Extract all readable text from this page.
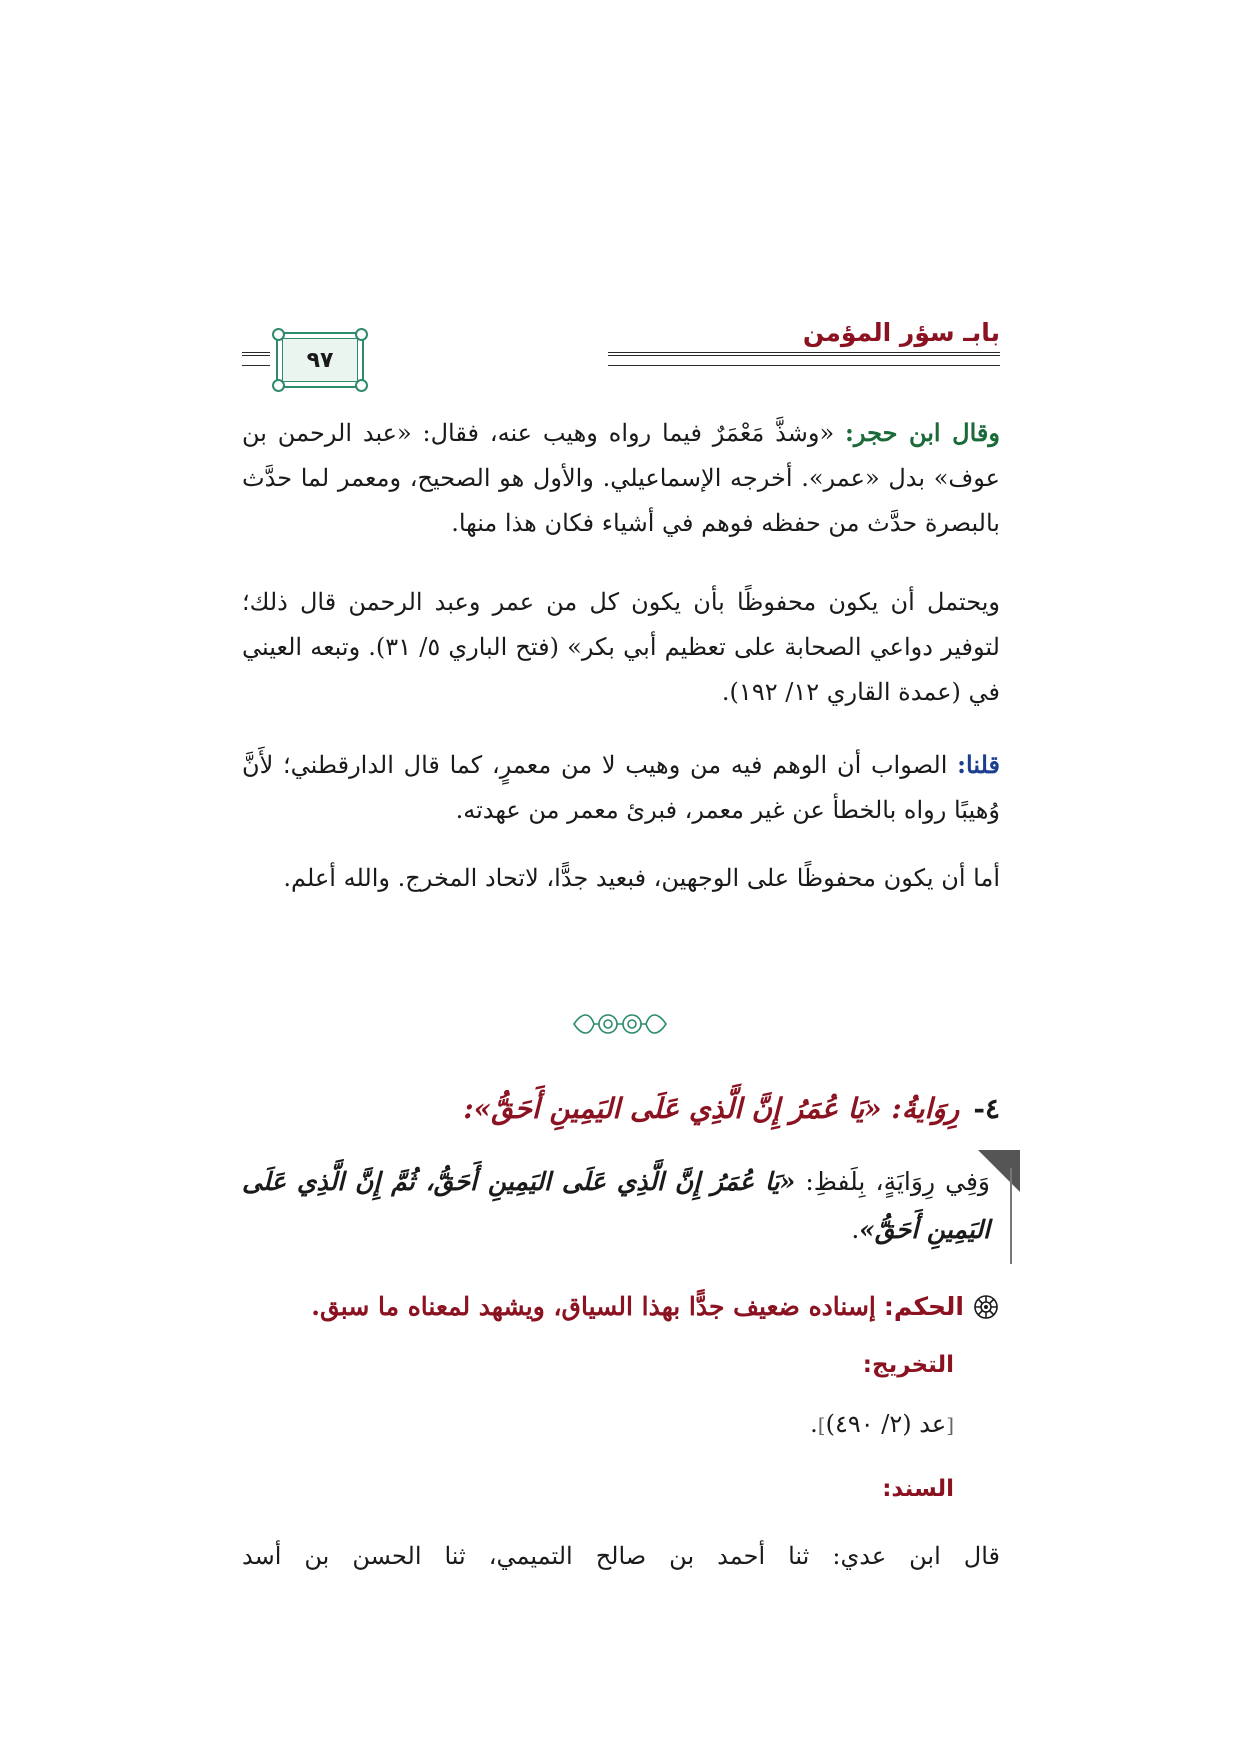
بابـ سؤر المؤمن
٩٧

وقال ابن حجر: «وشذَّ مَعْمَرٌ فيما رواه وهيب عنه، فقال: «عبد الرحمن بن عوف» بدل «عمر». أخرجه الإسماعيلي. والأول هو الصحيح، ومعمر لما حدَّث بالبصرة حدَّث من حفظه فوهم في أشياء فكان هذا منها.

ويحتمل أن يكون محفوظًا بأن يكون كل من عمر وعبد الرحمن قال ذلك؛ لتوفير دواعي الصحابة على تعظيم أبي بكر» (فتح الباري ٥/ ٣١). وتبعه العيني في (عمدة القاري ١٢/ ١٩٢).

قلنا: الصواب أن الوهم فيه من وهيب لا من معمرٍ، كما قال الدارقطني؛ لأَنَّ وُهيبًا رواه بالخطأ عن غير معمر، فبرئ معمر من عهدته.

أما أن يكون محفوظًا على الوجهين، فبعيد جدًّا، لاتحاد المخرج. والله أعلم.

٤-رِوَايةُ: «يَا عُمَرُ إِنَّ الَّذِي عَلَى اليَمِينِ أَحَقُّ»:
وَفِي رِوَايَةٍ، بِلَفظِ: «يَا عُمَرُ إِنَّ الَّذِي عَلَى اليَمِينِ أَحَقُّ، ثُمَّ إِنَّ الَّذِي عَلَى اليَمِينِ أَحَقُّ».
الحكم:
إسناده ضعيف جدًّا بهذا السياق، ويشهد لمعناه ما سبق.
التخريج:
[عد (٢/ ٤٩٠)].
السند:
قال ابن عدي: ثنا أحمد بن صالح التميمي، ثنا الحسن بن أسد
